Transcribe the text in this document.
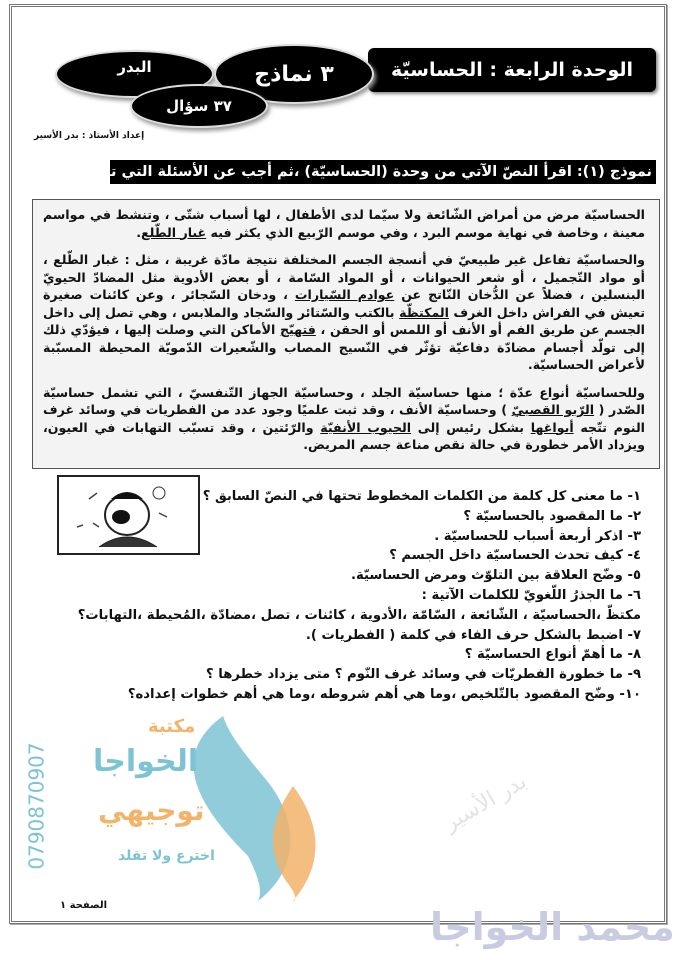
الوحدة الرابعة : الحساسيّة
البدر	٣ نماذج
٣٧ سؤال
إعداد الأستاذ : بدر الأسير
نموذج (١): اقرأ النصّ الآتي من وحدة (الحساسيّة) ،ثم أجب عن الأسئلة التي تليه :

الحساسيّة مرض من أمراض الشّائعة ولا سيّما لدى الأطفال ، لها أسباب شتّى ، وتنشط في مواسم معينة ، وخاصة في نهاية موسم البرد ، وفي موسم الرّبيع الذي يكثر فيه غبار الطّلع.

والحساسيّة تفاعل غير طبيعيّ في أنسجة الجسم المختلفة نتيجة مادّة غريبة ، مثل : غبار الطّلع ، أو مواد التّجميل ، أو شعر الحيوانات ، أو المواد السّامة ، أو بعض الأدوية مثل المضادّ الحيويّ البنسلين ، فضلاً عن الدُّخان النّاتج عن عوادم السّيارات ، ودخان السّجائر ، وعن كائنات صغيرة تعيش في الفراش داخل الغرف المكتظّة بالكتب والسّتائر والسّجاد والملابس ، وهي تصل إلى داخل الجسم عن طريق الفم أو الأنف أو اللمس أو الحقن ، فتهيّج الأماكن التي وصلت إليها ، فيؤدّي ذلك إلى تولّد أجسام مضادّة دفاعيّة تؤثّر في النّسيج المصاب والشّعيرات الدّمويّة المحيطة المسبّبة لأعراض الحساسيّة.

وللحساسيّة أنواع عدّة ؛ منها حساسيّة الجلد ، وحساسيّة الجهاز التّنفسيّ ، التي تشمل حساسيّة الصّدر ( الرّبو القصبيّ ) وحساسيّة الأنف ، وقد ثبت علميًا وجود عدد من الفطريات في وسائد غرف النوم تتّجه أبواغها بشكل رئيس إلى الجيوب الأنفيّة والرّئتين ، وقد تسبّب التهابات في العيون، ويزداد الأمر خطورة في حالة نقص مناعة جسم المريض.

١- ما معنى كل كلمة من الكلمات المخطوط تحتها في النصّ السابق ؟
٢- ما المقصود بالحساسيّة ؟
٣- اذكر أربعة أسباب للحساسيّة .
٤- كيف تحدث الحساسيّة داخل الجسم ؟
٥- وضّح العلاقة بين التلوّث ومرض الحساسيّة.
٦- ما الجذرُ اللّغويّ للكلمات الآتية :
مكتظّ ،الحساسيّة ، الشّائعة ، السّامّة ،الأدوية ، كائنات ، تصل ،مضادّة ،المُحيطة ،التهابات؟
٧- اضبط بالشكل حرف الفاء في كلمة ( الفطريات ).
٨- ما أهمّ أنواع الحساسيّة ؟
٩- ما خطورة الفطريّات في وسائد غرف النّوم ؟ متى يزداد خطرها ؟
١٠- وضّح المقصود بالتّلخيص ،وما هي أهم شروطه ،وما هي أهم خطوات إعداده؟
مكتبة
الخواجا
توجيهي
اخترع ولا تقلد
0790870907	بدر الأسير
الصفحة ١	محمد الخواجا
